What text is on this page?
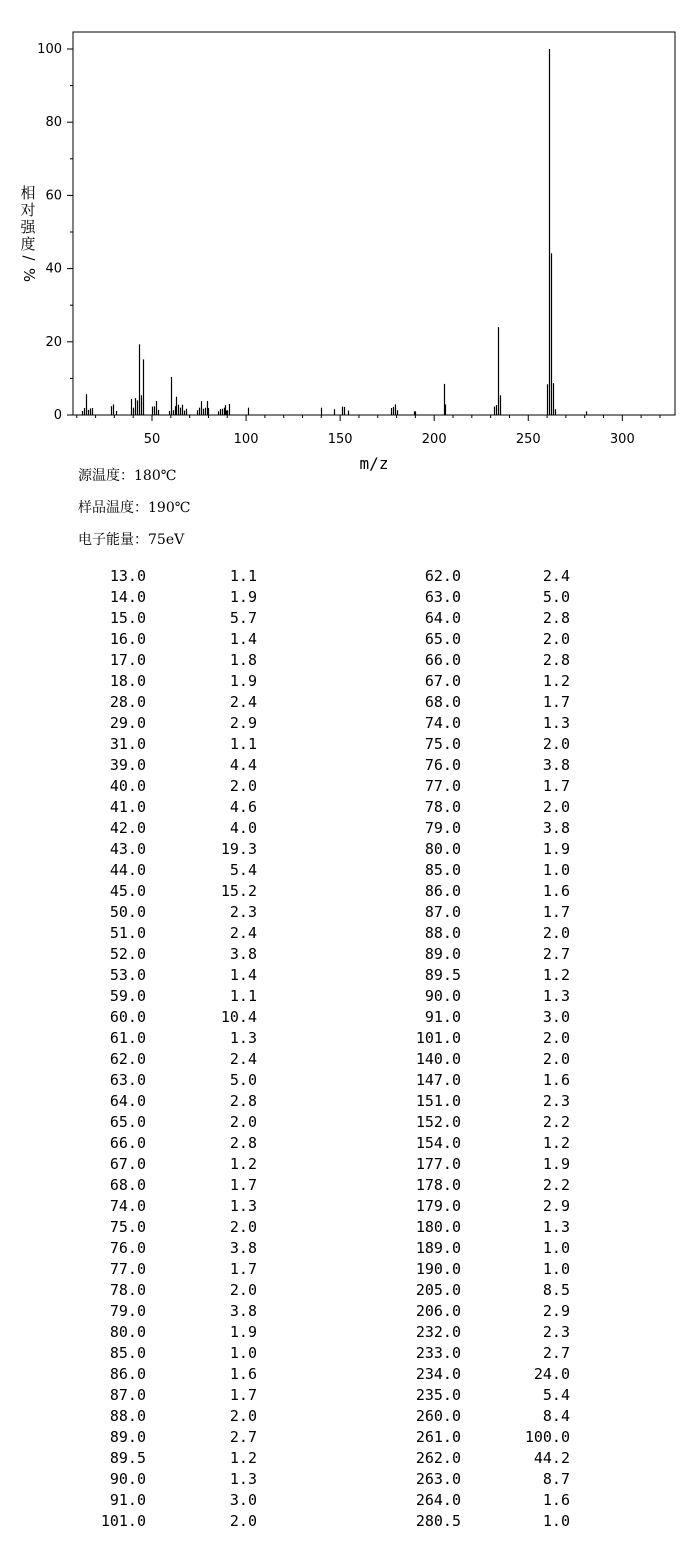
0
20
40
60
80
100
50	100	150	200	250	300
m/z
相
对
强
度
/
%
源温度：180℃
样品温度：190℃
电子能量：75eV
13.0	1.1
14.0	1.9
15.0	5.7
16.0	1.4
17.0	1.8
18.0	1.9
28.0	2.4
29.0	2.9
31.0	1.1
39.0	4.4
40.0	2.0
41.0	4.6
42.0	4.0
43.0	19.3
44.0	5.4
45.0	15.2
50.0	2.3
51.0	2.4
52.0	3.8
53.0	1.4
59.0	1.1
60.0	10.4
61.0	1.3
62.0	2.4
63.0	5.0
64.0	2.8
65.0	2.0
66.0	2.8
67.0	1.2
68.0	1.7
74.0	1.3
75.0	2.0
76.0	3.8
77.0	1.7
78.0	2.0
79.0	3.8
80.0	1.9
85.0	1.0
86.0	1.6
87.0	1.7
88.0	2.0
89.0	2.7
89.5	1.2
90.0	1.3
91.0	3.0
101.0	2.0
62.0	2.4
63.0	5.0
64.0	2.8
65.0	2.0
66.0	2.8
67.0	1.2
68.0	1.7
74.0	1.3
75.0	2.0
76.0	3.8
77.0	1.7
78.0	2.0
79.0	3.8
80.0	1.9
85.0	1.0
86.0	1.6
87.0	1.7
88.0	2.0
89.0	2.7
89.5	1.2
90.0	1.3
91.0	3.0
101.0	2.0
140.0	2.0
147.0	1.6
151.0	2.3
152.0	2.2
154.0	1.2
177.0	1.9
178.0	2.2
179.0	2.9
180.0	1.3
189.0	1.0
190.0	1.0
205.0	8.5
206.0	2.9
232.0	2.3
233.0	2.7
234.0	24.0
235.0	5.4
260.0	8.4
261.0	100.0
262.0	44.2
263.0	8.7
264.0	1.6
280.5	1.0
